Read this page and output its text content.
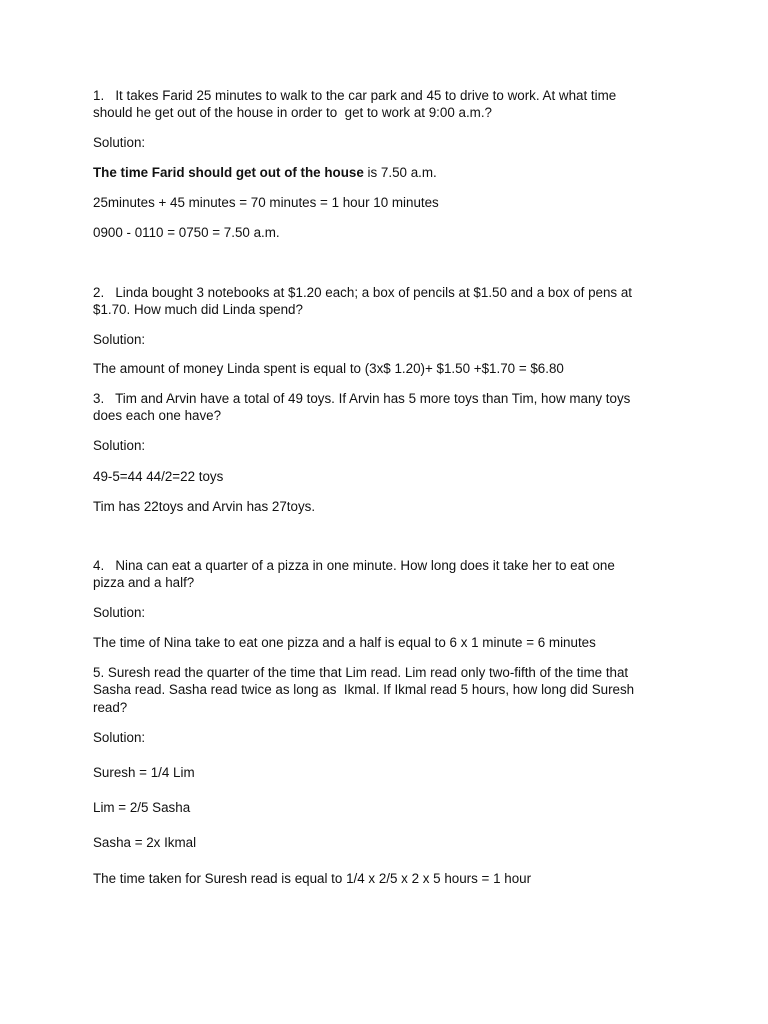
1.   It takes Farid 25 minutes to walk to the car park and 45 to drive to work. At what time

should he get out of the house in order to  get to work at 9:00 a.m.?

Solution:

The time Farid should get out of the house is 7.50 a.m.

25minutes + 45 minutes = 70 minutes = 1 hour 10 minutes

0900 - 0110 = 0750 = 7.50 a.m.

2.   Linda bought 3 notebooks at $1.20 each; a box of pencils at $1.50 and a box of pens at

$1.70. How much did Linda spend?

Solution:

The amount of money Linda spent is equal to (3x$ 1.20)+ $1.50 +$1.70 = $6.80

3.   Tim and Arvin have a total of 49 toys. If Arvin has 5 more toys than Tim, how many toys

does each one have?

Solution:

49-5=44 44/2=22 toys

Tim has 22toys and Arvin has 27toys.

4.   Nina can eat a quarter of a pizza in one minute. How long does it take her to eat one

pizza and a half?

Solution:

The time of Nina take to eat one pizza and a half is equal to 6 x 1 minute = 6 minutes

5. Suresh read the quarter of the time that Lim read. Lim read only two-fifth of the time that

Sasha read. Sasha read twice as long as  Ikmal. If Ikmal read 5 hours, how long did Suresh

read?

Solution:

Suresh = 1/4 Lim

Lim = 2/5 Sasha

Sasha = 2x Ikmal

The time taken for Suresh read is equal to 1/4 x 2/5 x 2 x 5 hours = 1 hour
